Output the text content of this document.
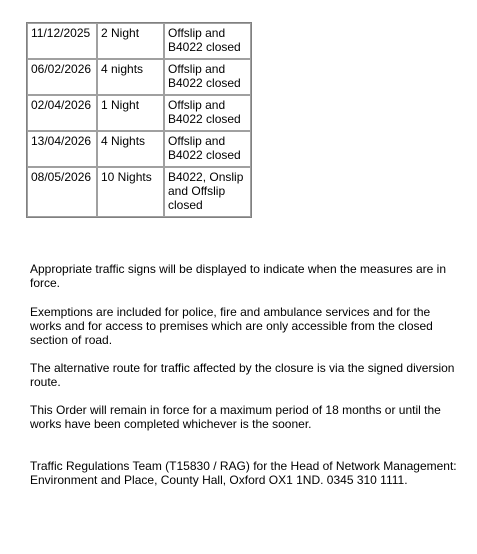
11/12/2025	2 Night	Offslip and B4022 closed
06/02/2026	4 nights	Offslip and B4022 closed
02/04/2026	1 Night	Offslip and B4022 closed
13/04/2026	4 Nights	Offslip and B4022 closed
08/05/2026	10 Nights	B4022, Onslip and Offslip closed

Appropriate traffic signs will be displayed to indicate when the measures are in force.

Exemptions are included for police, fire and ambulance services and for the works and for access to premises which are only accessible from the closed section of road.

The alternative route for traffic affected by the closure is via the signed diversion route.

This Order will remain in force for a maximum period of 18 months or until the works have been completed whichever is the sooner.

Traffic Regulations Team (T15830 / RAG) for the Head of Network Management: Environment and Place, County Hall, Oxford OX1 1ND. 0345 310 1111.
